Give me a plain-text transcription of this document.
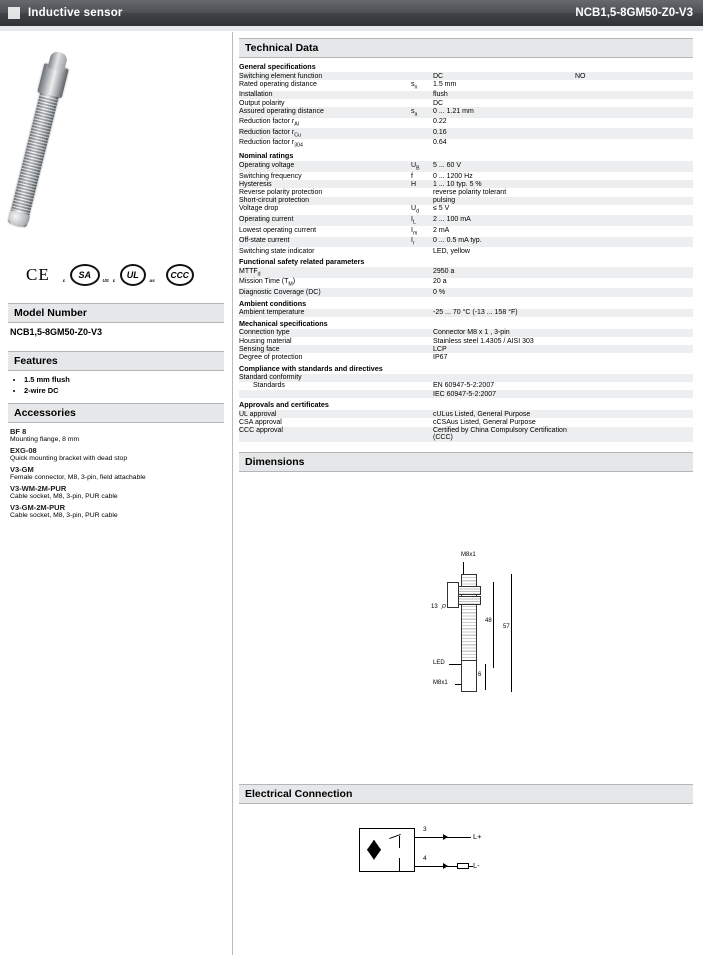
Inductive sensor	NCB1,5-8GM50-Z0-V3
CE	c
SA
US c
UL
us
CCC
Model Number
NCB1,5-8GM50-Z0-V3
Features
• 1.5 mm flush
• 2-wire DC
Accessories
BF 8
Mounting flange, 8 mm
EXG-08
Quick mounting bracket with dead stop
V3-GM
Female connector, M8, 3-pin, field attachable
V3-WM-2M-PUR
Cable socket, M8, 3-pin, PUR cable
V3-GM-2M-PUR
Cable socket, M8, 3-pin, PUR cable
Technical Data
General specifications			
Switching element function		DC	NO
Rated operating distance	$s_n$	1.5 mm	
Installation		flush	
Output polarity		DC	
Assured operating distance	$s_a$	0 ... 1.21 mm	
Reduction factor $r_{Al}$		0.22	
Reduction factor $r_{Cu}$		0.16	
Reduction factor $r_{304}$		0.64	
Nominal ratings			
Operating voltage	$U_B$	5 ... 60 V	
Switching frequency	f	0 ... 1200 Hz	
Hysteresis	H	1 ... 10 typ. 5 %	
Reverse polarity protection		reverse polarity tolerant	
Short-circuit protection		pulsing	
Voltage drop	$U_d$	≤ 5 V	
Operating current	$I_L$	2 ... 100 mA	
Lowest operating current	$I_m$	2 mA	
Off-state current	$I_r$	0 ... 0.5 mA typ.	
Switching state indicator		LED, yellow	
Functional safety related parameters			
$MTTF_d$		2950 a	
Mission Time $(T_M)$		20 a	
Diagnostic Coverage (DC)		0 %	
Ambient conditions			
Ambient temperature		-25 ... 70 °C (-13 ... 158 °F)	
Mechanical specifications			
Connection type		Connector M8 x 1 , 3-pin	
Housing material		Stainless steel 1.4305 / AISI 303	
Sensing face		LCP	
Degree of protection		IP67	
Compliance with standards and directives			
Standard conformity			
Standards		EN 60947-5-2:2007	
		IEC 60947-5-2:2007	
Approvals and certificates			
UL approval		cULus Listed, General Purpose	
CSA approval		cCSAus Listed, General Purpose	
CCC approval		Certified by China Compulsory Certification (CCC)	
Dimensions
M8x1
13 ⌕
48
57
6
LED
M8x1
Electrical Connection
3
L+
4
L-
